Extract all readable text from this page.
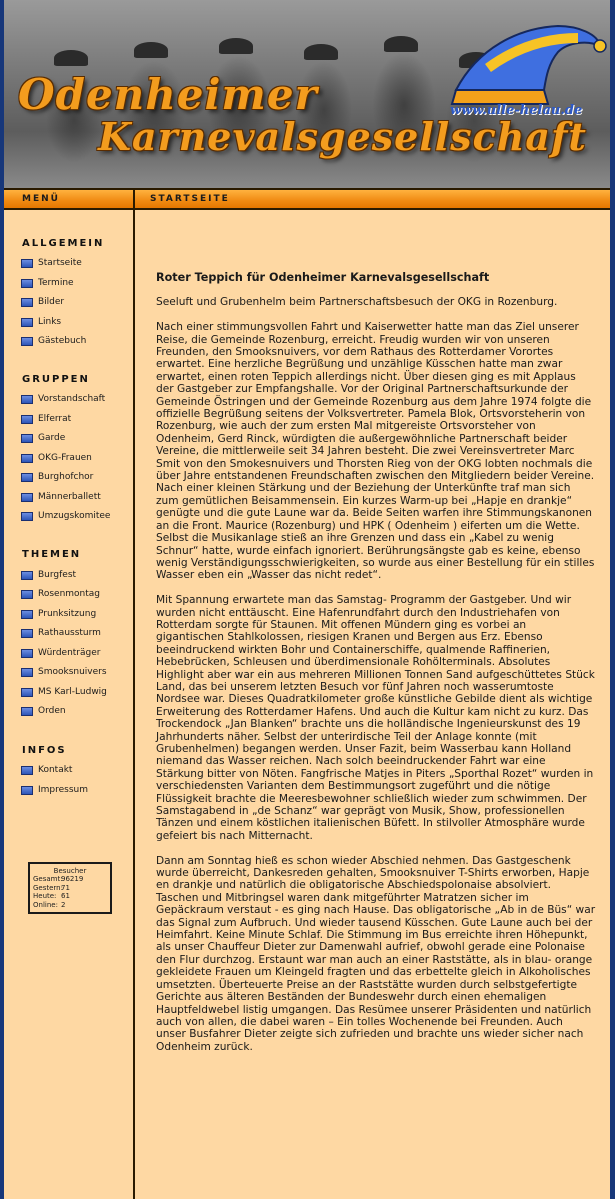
Odenheimer
Karnevalsgesellschaft
www.ulle-helau.de
MENÜ	STARTSEITE
ALLGEMEIN
Startseite
Termine
Bilder
Links
Gästebuch
GRUPPEN
Vorstandschaft
Elferrat
Garde
OKG-Frauen
Burghofchor
Männerballett
Umzugskomitee
THEMEN
Burgfest
Rosenmontag
Prunksitzung
Rathaussturm
Würdenträger
Smooksnuivers
MS Karl-Ludwig
Orden
INFOS
Kontakt
Impressum
Besucher
Gesamt:
96219
Gestern:
71
Heute: 61
Online: 2
Roter Teppich für Odenheimer Karnevalsgesellschaft

Seeluft und Grubenhelm beim Partnerschaftsbesuch der OKG in Rozenburg.

Nach einer stimmungsvollen Fahrt und Kaiserwetter hatte man das Ziel unserer Reise, die Gemeinde Rozenburg, erreicht. Freudig wurden wir von unseren Freunden, den Smooksnuivers, vor dem Rathaus des Rotterdamer Vorortes erwartet. Eine herzliche Begrüßung und unzählige Küsschen hatte man zwar erwartet, einen roten Teppich allerdings nicht. Über diesen ging es mit Applaus der Gastgeber zur Empfangshalle. Vor der Original Partnerschaftsurkunde der Gemeinde Östringen und der Gemeinde Rozenburg aus dem Jahre 1974 folgte die offizielle Begrüßung seitens der Volksvertreter. Pamela Blok, Ortsvorsteherin von Rozenburg, wie auch der zum ersten Mal mitgereiste Ortsvorsteher von Odenheim, Gerd Rinck, würdigten die außergewöhnliche Partnerschaft beider Vereine, die mittlerweile seit 34 Jahren besteht. Die zwei Vereinsvertreter Marc Smit von den Smokesnuivers und Thorsten Rieg von der OKG lobten nochmals die über Jahre entstandenen Freundschaften zwischen den Mitgliedern beider Vereine. Nach einer kleinen Stärkung und der Beziehung der Unterkünfte traf man sich zum gemütlichen Beisammensein. Ein kurzes Warm-up bei „Hapje en drankje“ genügte und die gute Laune war da. Beide Seiten warfen ihre Stimmungskanonen an die Front. Maurice (Rozenburg) und HPK ( Odenheim ) eiferten um die Wette. Selbst die Musikanlage stieß an ihre Grenzen und dass ein „Kabel zu wenig Schnur“ hatte, wurde einfach ignoriert. Berührungsängste gab es keine, ebenso wenig Verständigungsschwierigkeiten, so wurde aus einer Bestellung für ein stilles Wasser eben ein „Wasser das nicht redet“.

Mit Spannung erwartete man das Samstag- Programm der Gastgeber. Und wir wurden nicht enttäuscht. Eine Hafenrundfahrt durch den Industriehafen von Rotterdam sorgte für Staunen. Mit offenen Mündern ging es vorbei an gigantischen Stahlkolossen, riesigen Kranen und Bergen aus Erz. Ebenso beeindruckend wirkten Bohr und Containerschiffe, qualmende Raffinerien, Hebebrücken, Schleusen und überdimensionale Rohölterminals. Absolutes Highlight aber war ein aus mehreren Millionen Tonnen Sand aufgeschüttetes Stück Land, das bei unserem letzten Besuch vor fünf Jahren noch wasserumtoste Nordsee war. Dieses Quadratkilometer große künstliche Gebilde dient als wichtige Erweiterung des Rotterdamer Hafens. Und auch die Kultur kam nicht zu kurz. Das Trockendock „Jan Blanken“ brachte uns die holländische Ingenieurskunst des 19 Jahrhunderts näher. Selbst der unterirdische Teil der Anlage konnte (mit Grubenhelmen) begangen werden. Unser Fazit, beim Wasserbau kann Holland niemand das Wasser reichen. Nach solch beeindruckender Fahrt war eine Stärkung bitter von Nöten. Fangfrische Matjes in Piters „Sporthal Rozet“ wurden in verschiedensten Varianten dem Bestimmungsort zugeführt und die nötige Flüssigkeit brachte die Meeresbewohner schließlich wieder zum schwimmen. Der Samstagabend in „de Schanz“ war geprägt von Musik, Show, professionellen Tänzen und einem köstlichen italienischen Büfett. In stilvoller Atmosphäre wurde gefeiert bis nach Mitternacht.

Dann am Sonntag hieß es schon wieder Abschied nehmen. Das Gastgeschenk wurde überreicht, Dankesreden gehalten, Smooksnuiver T-Shirts erworben, Hapje en drankje und natürlich die obligatorische Abschiedspolonaise absolviert. Taschen und Mitbringsel waren dank mitgeführter Matratzen sicher im Gepäckraum verstaut - es ging nach Hause. Das obligatorische „Ab in de Büs“ war das Signal zum Aufbruch. Und wieder tausend Küsschen. Gute Laune auch bei der Heimfahrt. Keine Minute Schlaf. Die Stimmung im Bus erreichte ihren Höhepunkt, als unser Chauffeur Dieter zur Damenwahl aufrief, obwohl gerade eine Polonaise den Flur durchzog. Erstaunt war man auch an einer Raststätte, als in blau- orange gekleidete Frauen um Kleingeld fragten und das erbettelte gleich in Alkoholisches umsetzten. Überteuerte Preise an der Raststätte wurden durch selbstgefertigte Gerichte aus älteren Beständen der Bundeswehr durch einen ehemaligen Hauptfeldwebel listig umgangen. Das Resümee unserer Präsidenten und natürlich auch von allen, die dabei waren – Ein tolles Wochenende bei Freunden. Auch unser Busfahrer Dieter zeigte sich zufrieden und brachte uns wieder sicher nach Odenheim zurück.
